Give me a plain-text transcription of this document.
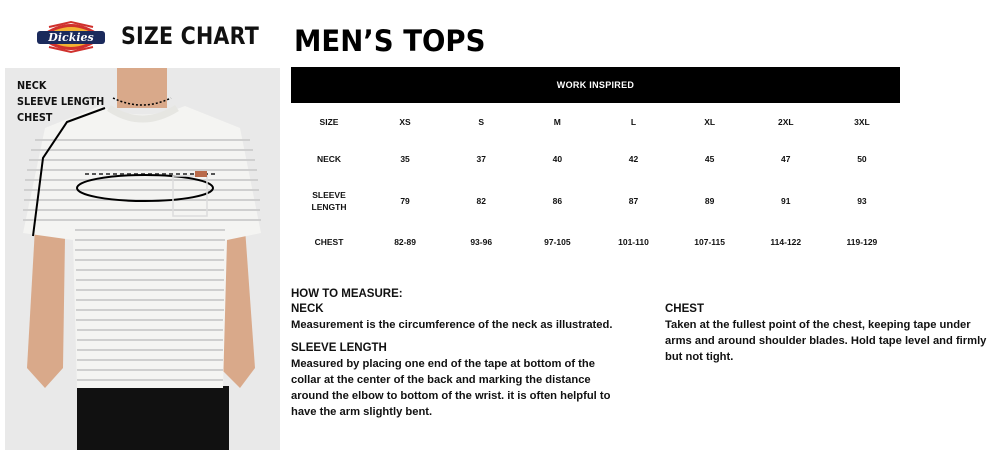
Dickies SIZE CHART MEN’S TOPS
NECK
SLEEVE LENGTH
CHEST
WORK INSPIRED
SIZE	XS	S	M	L	XL	2XL	3XL
NECK	35	37	40	42	45	47	50
SLEEVE LENGTH	79	82	86	87	89	91	93
CHEST	82-89	93-96	97-105	101-110	107-115	114-122	119-129

HOW TO MEASURE:

NECK

Measurement is the circumference of the neck as illustrated.

SLEEVE LENGTH

Measured by placing one end of the tape at bottom of the collar at the center of the back and marking the distance around the elbow to bottom of the wrist. it is often helpful to have the arm slightly bent.

CHEST

Taken at the fullest point of the chest, keeping tape under arms and around shoulder blades. Hold tape level and firmly but not tight.
